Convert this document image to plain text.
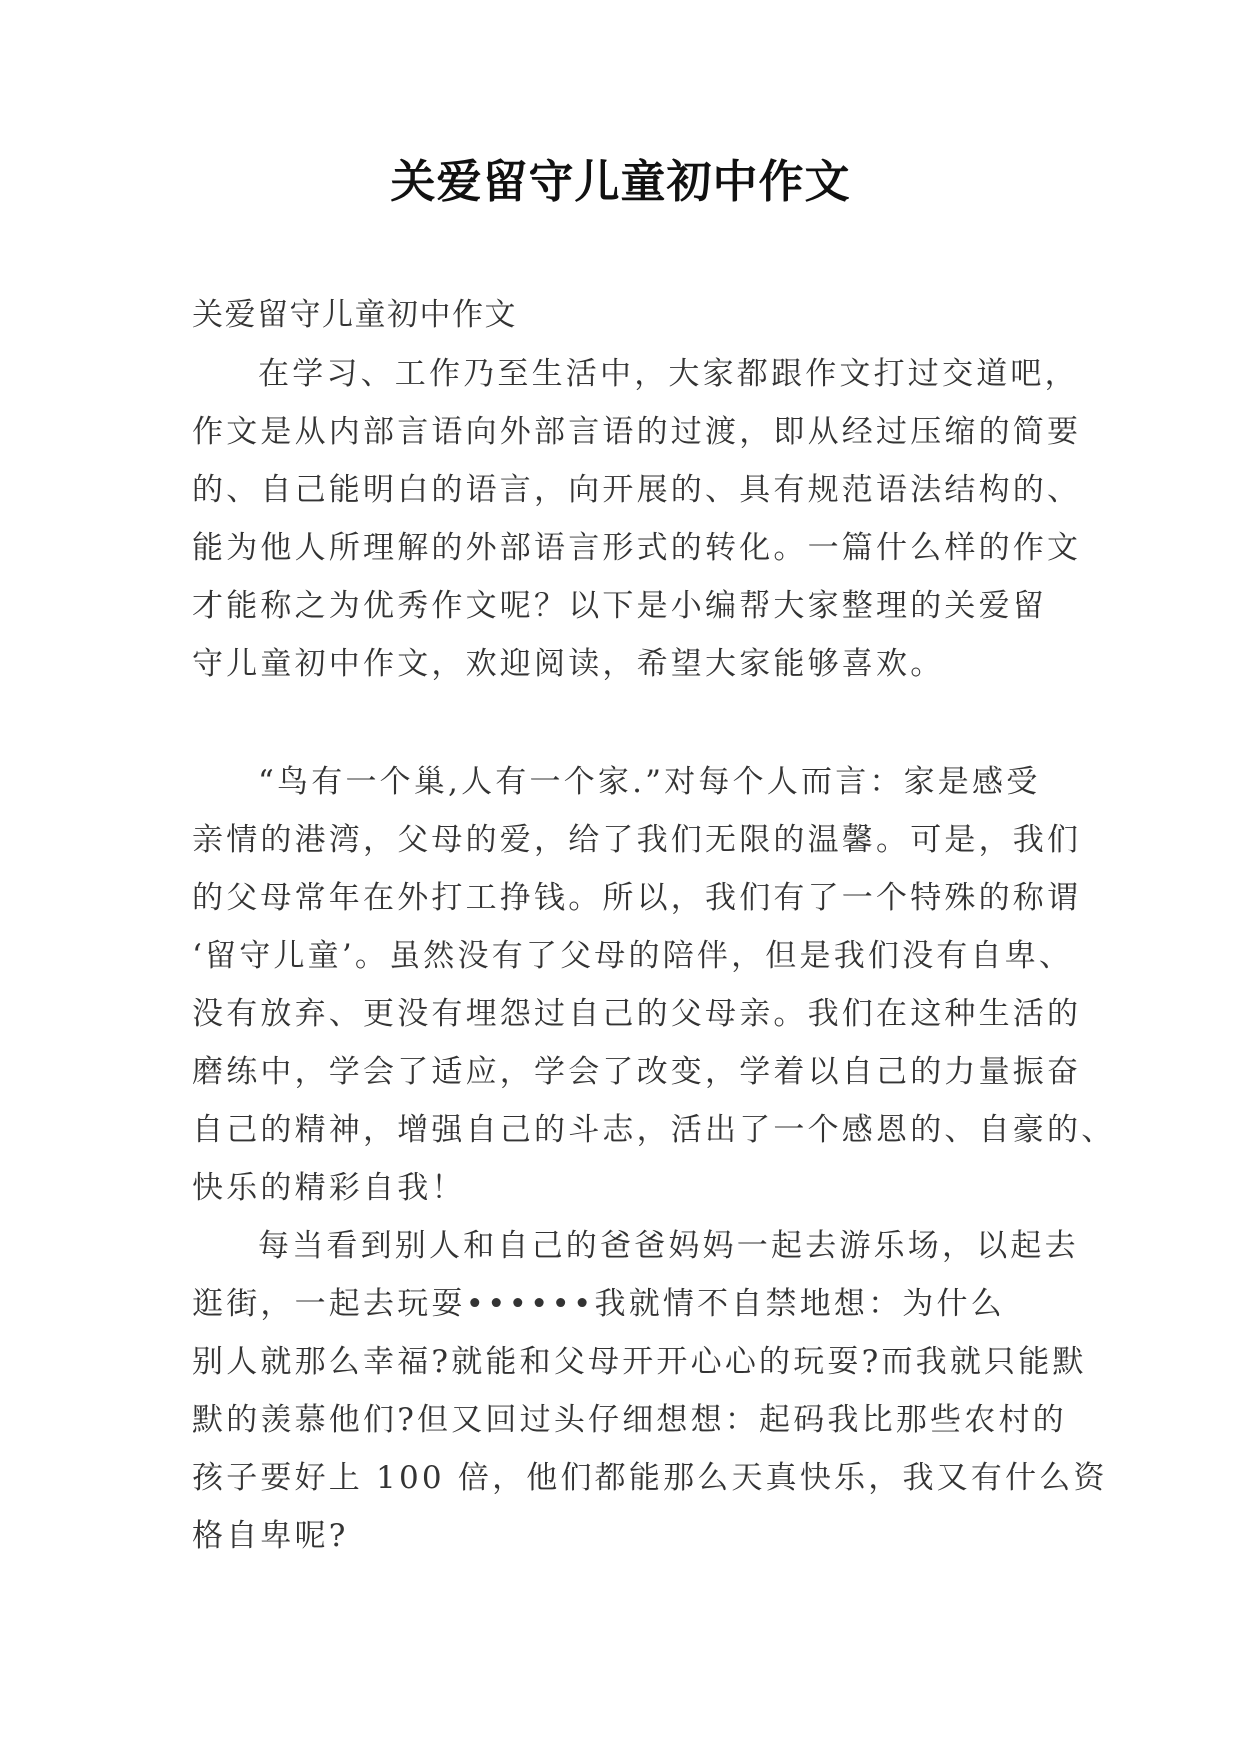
关爱留守儿童初中作文

关爱留守儿童初中作文

在学习、工作乃至生活中，大家都跟作文打过交道吧，
作文是从内部言语向外部言语的过渡，即从经过压缩的简要
的、自己能明白的语言，向开展的、具有规范语法结构的、
能为他人所理解的外部语言形式的转化。一篇什么样的作文
才能称之为优秀作文呢？以下是小编帮大家整理的关爱留
守儿童初中作文，欢迎阅读，希望大家能够喜欢。
“鸟有一个巢,人有一个家.”对每个人而言：家是感受
亲情的港湾，父母的爱，给了我们无限的温馨。可是，我们
的父母常年在外打工挣钱。所以，我们有了一个特殊的称谓
‘留守儿童’。虽然没有了父母的陪伴，但是我们没有自卑、
没有放弃、更没有埋怨过自己的父母亲。我们在这种生活的
磨练中，学会了适应，学会了改变，学着以自己的力量振奋
自己的精神，增强自己的斗志，活出了一个感恩的、自豪的、
快乐的精彩自我！
每当看到别人和自己的爸爸妈妈一起去游乐场，以起去
逛街，一起去玩耍••••••我就情不自禁地想：为什么
别人就那么幸福?就能和父母开开心心的玩耍?而我就只能默
默的羡慕他们?但又回过头仔细想想：起码我比那些农村的
孩子要好上 100 倍，他们都能那么天真快乐，我又有什么资
格自卑呢?
